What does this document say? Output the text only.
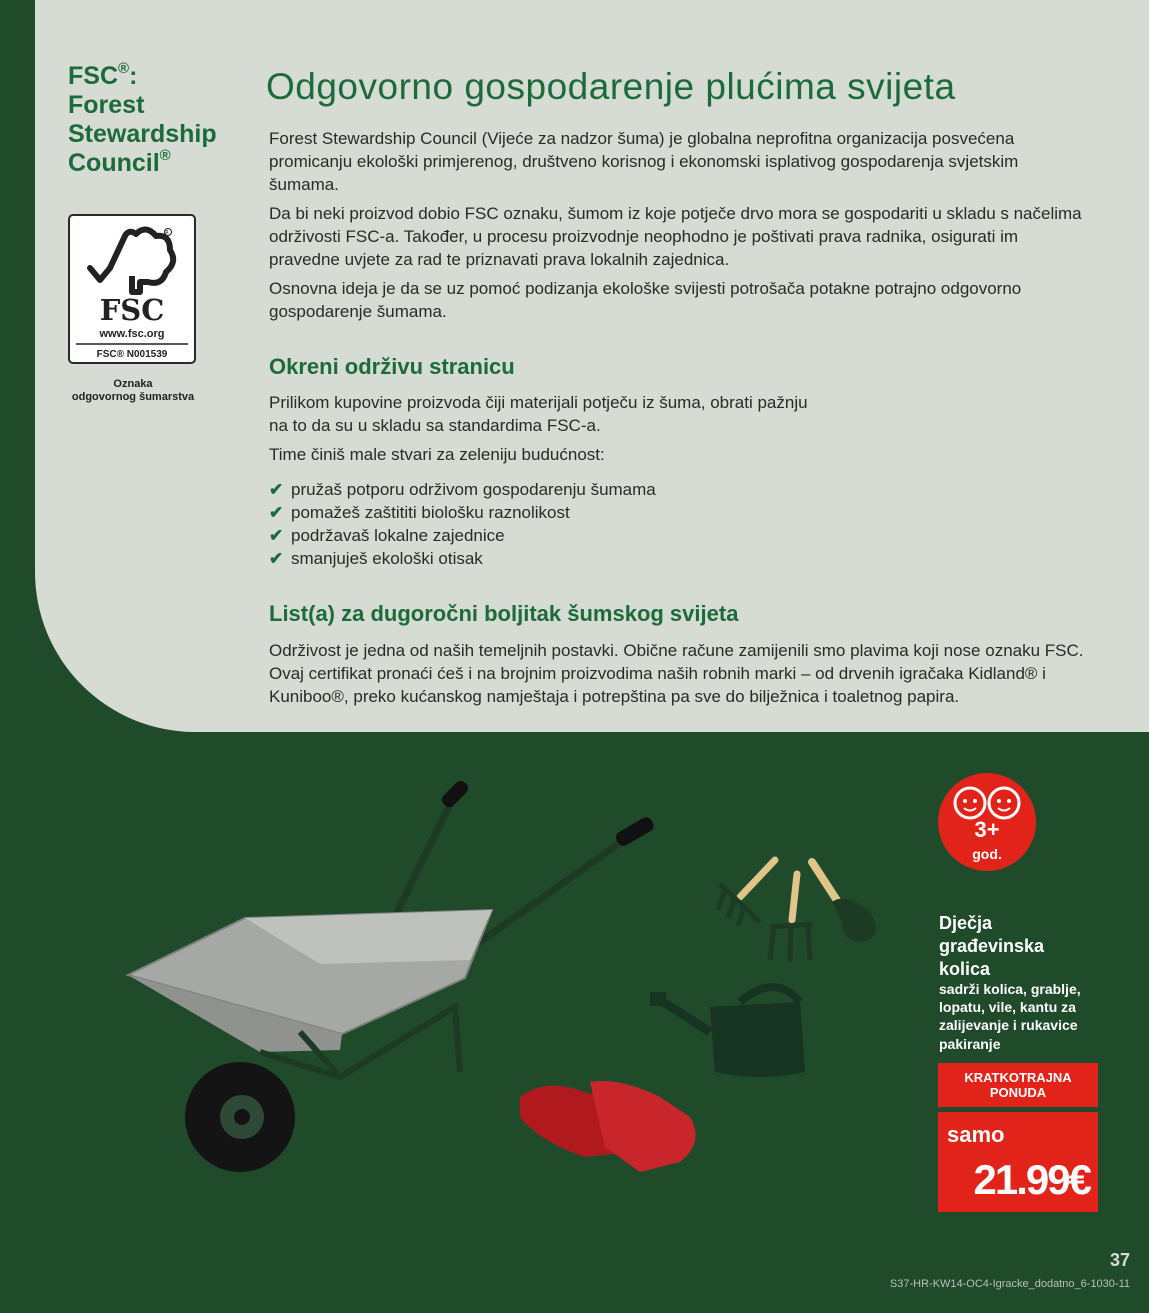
FSC®:
Forest
Stewardship
Council®
R
FSC
www.fsc.org
FSC® N001539
Oznaka
odgovornog šumarstva
Odgovorno gospodarenje plućima svijeta

Forest Stewardship Council (Vijeće za nadzor šuma) je globalna neprofitna organizacija posvećena promicanju ekološki primjerenog, društveno korisnog i ekonomski isplativog gospodarenja svjetskim šumama.

Da bi neki proizvod dobio FSC oznaku, šumom iz koje potječe drvo mora se gospodariti u skladu s načelima održivosti FSC-a. Također, u procesu proizvodnje neophodno je poštivati prava radnika, osigurati im pravedne uvjete za rad te priznavati prava lokalnih zajednica.

Osnovna ideja je da se uz pomoć podizanja ekološke svijesti potrošača potakne potrajno odgovorno gospodarenje šumama.

Okreni održivu stranicu

Prilikom kupovine proizvoda čiji materijali potječu iz šuma, obrati pažnju na to da su u skladu sa standardima FSC-a.

Time činiš male stvari za zeleniju budućnost:

✔ pružaš potporu održivom gospodarenju šumama
✔ pomažeš zaštititi biološku raznolikost
✔ podržavaš lokalne zajednice
✔ smanjuješ ekološki otisak
List(a) za dugoročni boljitak šumskog svijeta

Održivost je jedna od naših temeljnih postavki. Obične račune zamijenili smo plavima koji nose oznaku FSC. Ovaj certifikat pronaći ćeš i na brojnim proizvodima naših robnih marki – od drvenih igračaka Kidland® i Kuniboo®, preko kućanskog namještaja i potrepština pa sve do bilježnica i toaletnog papira.

3+
god.
Dječja građevinska kolica
sadrži kolica, grablje, lopatu, vile, kantu za zalijevanje i rukavice
pakiranje
KRATKOTRAJNA PONUDA
samo
21.99€
37
S37-HR-KW14-OC4-Igracke_dodatno_6-1030-11
